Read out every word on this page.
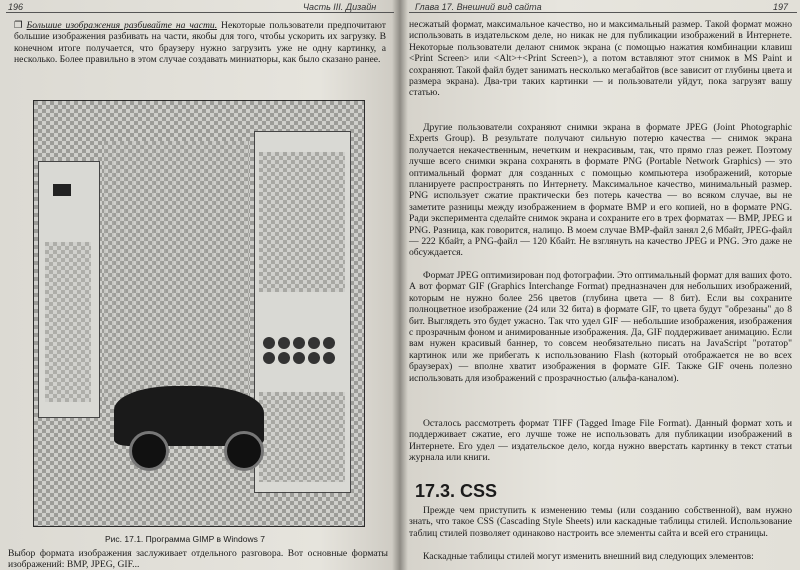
196	Часть III. Дизайн

❐ Большие изображения разбивайте на части. Некоторые пользователи предпочитают большие изображения разбивать на части, якобы для того, чтобы ускорить их загрузку. В конечном итоге получается, что браузеру нужно загрузить уже не одну картинку, а несколько. Более правильно в этом случае создавать миниатюры, как было сказано ранее.

Рис. 17.1. Программа GIMP в Windows 7

Выбор формата изображения заслуживает отдельного разговора. Вот основные форматы изображений: BMP, JPEG, GIF...

Глава 17. Внешний вид сайта	197

несжатый формат, максимальное качество, но и максимальный размер. Такой формат можно использовать в издательском деле, но никак не для публикации изображений в Интернете. Некоторые пользователи делают снимок экрана (с помощью нажатия комбинации клавиш <Print Screen> или <Alt>+<Print Screen>), а потом вставляют этот снимок в MS Paint и сохраняют. Такой файл будет занимать несколько мегабайтов (все зависит от глубины цвета и размера экрана). Два-три таких картинки — и пользователи уйдут, пока загрузят вашу статью.

Другие пользователи сохраняют снимки экрана в формате JPEG (Joint Photographic Experts Group). В результате получают сильную потерю качества — снимок экрана получается некачественным, нечетким и некрасивым, так, что прямо глаз режет. Поэтому лучше всего снимки экрана сохранять в формате PNG (Portable Network Graphics) — это оптимальный формат для созданных с помощью компьютера изображений, которые планируете распространять по Интернету. Максимальное качество, минимальный размер. PNG использует сжатие практически без потерь качества — во всяком случае, вы не заметите разницы между изображением в формате BMP и его копией, но в формате PNG. Ради эксперимента сделайте снимок экрана и сохраните его в трех форматах — BMP, JPEG и PNG. Разница, как говорится, налицо. В моем случае BMP-файл занял 2,6 Мбайт, JPEG-файл — 222 Кбайт, а PNG-файл — 120 Кбайт. Не взглянуть на качество JPEG и PNG. Это даже не обсуждается.

Формат JPEG оптимизирован под фотографии. Это оптимальный формат для ваших фото. А вот формат GIF (Graphics Interchange Format) предназначен для небольших изображений, которым не нужно более 256 цветов (глубина цвета — 8 бит). Если вы сохраните полноцветное изображение (24 или 32 бита) в формате GIF, то цвета будут "обрезаны" до 8 бит. Выглядеть это будет ужасно. Так что удел GIF — небольшие изображения, изображения с прозрачным фоном и анимированные изображения. Да, GIF поддерживает анимацию. Если вам нужен красивый баннер, то совсем необязательно писать на JavaScript "ротатор" картинок или же прибегать к использованию Flash (который отображается не во всех браузерах) — вполне хватит изображения в формате GIF. Также GIF очень полезно использовать для изображений с прозрачностью (альфа-каналом).

Осталось рассмотреть формат TIFF (Tagged Image File Format). Данный формат хоть и поддерживает сжатие, его лучше тоже не использовать для публикации изображений в Интернете. Его удел — издательское дело, когда нужно вверстать картинку в текст статьи журнала или книги.

17.3. CSS

Прежде чем приступить к изменению темы (или созданию собственной), вам нужно знать, что такое CSS (Cascading Style Sheets) или каскадные таблицы стилей. Использование таблиц стилей позволяет одинаково настроить все элементы сайта и всей его страницы.

Каскадные таблицы стилей могут изменить внешний вид следующих элементов:
